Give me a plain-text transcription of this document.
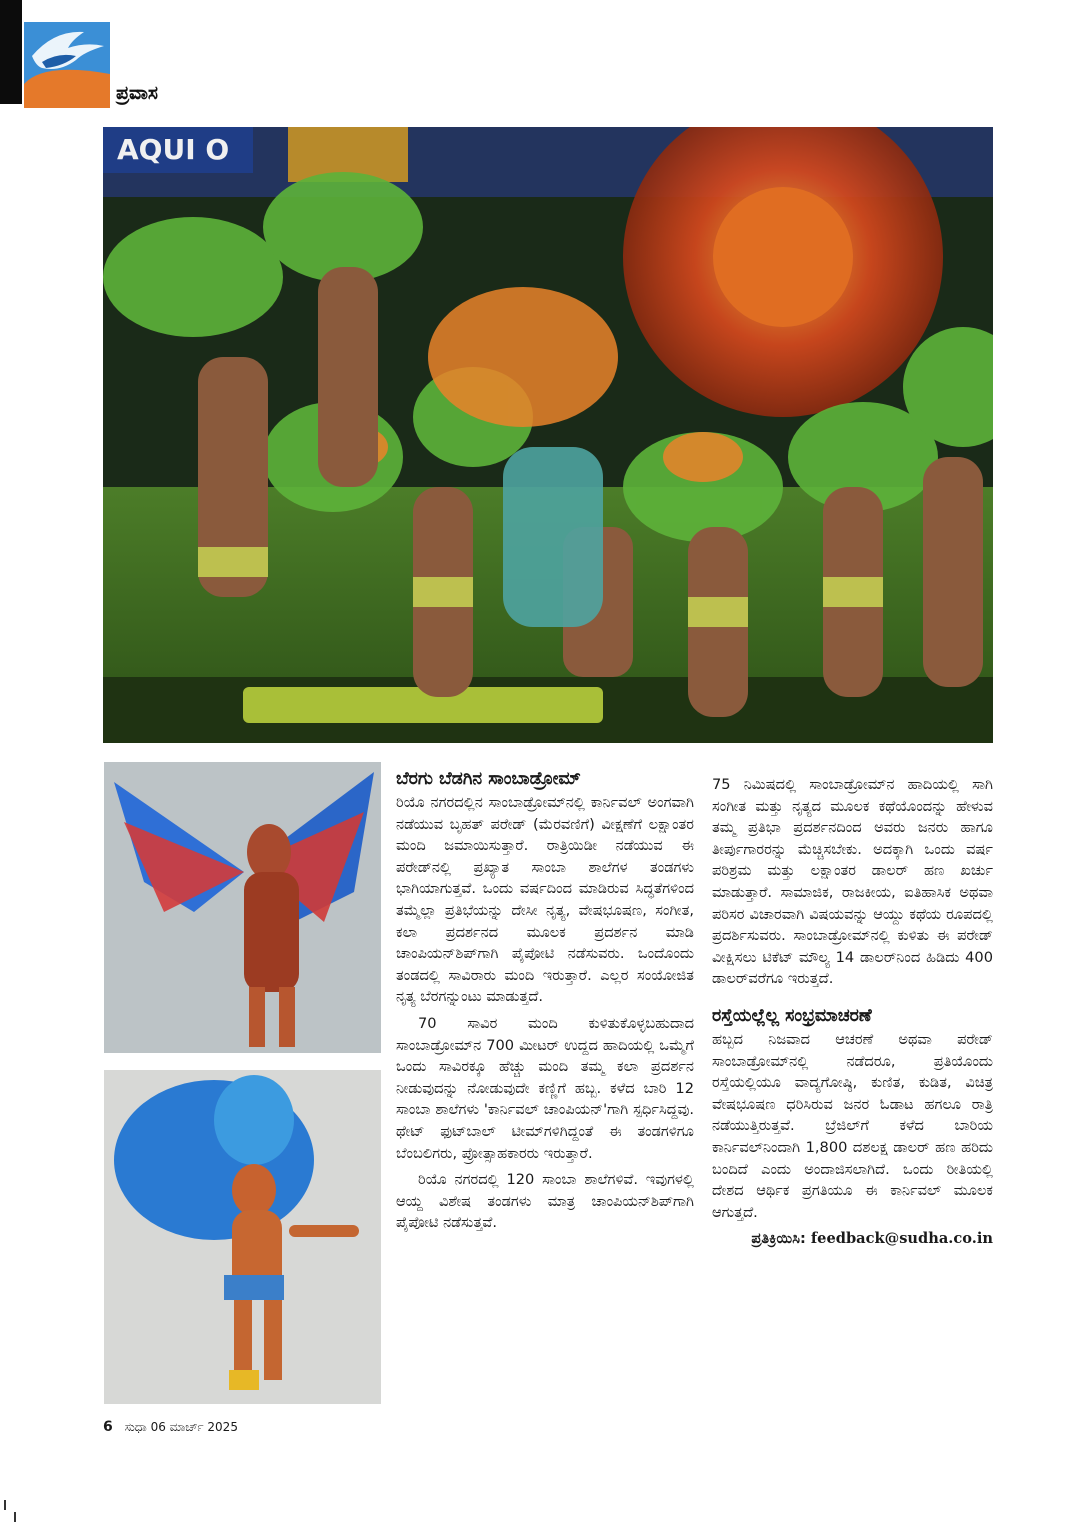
ಪ್ರವಾಸ
AQUI O
ಬೆರಗು ಬೆಡಗಿನ ಸಾಂಬಾಡ್ರೋಮ್

ರಿಯೊ ನಗರದಲ್ಲಿನ ಸಾಂಬಾಡ್ರೋಮ್‌ನಲ್ಲಿ ಕಾರ್ನಿವಲ್ ಅಂಗವಾಗಿ ನಡೆಯುವ ಬೃಹತ್ ಪರೇಡ್ (ಮೆರವಣಿಗೆ) ವೀಕ್ಷಣೆಗೆ ಲಕ್ಷಾಂತರ ಮಂದಿ ಜಮಾಯಿಸುತ್ತಾರೆ. ರಾತ್ರಿಯಿಡೀ ನಡೆಯುವ ಈ ಪರೇಡ್‌ನಲ್ಲಿ ಪ್ರಖ್ಯಾತ ಸಾಂಬಾ ಶಾಲೆಗಳ ತಂಡಗಳು ಭಾಗಿಯಾಗುತ್ತವೆ. ಒಂದು ವರ್ಷದಿಂದ ಮಾಡಿರುವ ಸಿದ್ಧತೆಗಳಿಂದ ತಮ್ಮೆಲ್ಲಾ ಪ್ರತಿಭೆಯನ್ನು ದೇಸೀ ನೃತ್ಯ, ವೇಷಭೂಷಣ, ಸಂಗೀತ, ಕಲಾ ಪ್ರದರ್ಶನದ ಮೂಲಕ ಪ್ರದರ್ಶನ ಮಾಡಿ ಚಾಂಪಿಯನ್‌ಶಿಪ್‌ಗಾಗಿ ಪೈಪೋಟಿ ನಡೆಸುವರು. ಒಂದೊಂದು ತಂಡದಲ್ಲಿ ಸಾವಿರಾರು ಮಂದಿ ಇರುತ್ತಾರೆ. ಎಲ್ಲರ ಸಂಯೋಜಿತ ನೃತ್ಯ ಬೆರಗನ್ನುಂಟು ಮಾಡುತ್ತದೆ.

70 ಸಾವಿರ ಮಂದಿ ಕುಳಿತುಕೊಳ್ಳಬಹುದಾದ ಸಾಂಬಾಡ್ರೋಮ್‌ನ 700 ಮೀಟರ್ ಉದ್ದದ ಹಾದಿಯಲ್ಲಿ ಒಮ್ಮೆಗೆ ಒಂದು ಸಾವಿರಕ್ಕೂ ಹೆಚ್ಚು ಮಂದಿ ತಮ್ಮ ಕಲಾ ಪ್ರದರ್ಶನ ನೀಡುವುದನ್ನು ನೋಡುವುದೇ ಕಣ್ಣಿಗೆ ಹಬ್ಬ. ಕಳೆದ ಬಾರಿ 12 ಸಾಂಬಾ ಶಾಲೆಗಳು 'ಕಾರ್ನಿವಲ್ ಚಾಂಪಿಯನ್'ಗಾಗಿ ಸ್ಪರ್ಧಿಸಿದ್ದವು. ಥೇಟ್ ಫುಟ್‌ಬಾಲ್ ಟೀಮ್‌ಗಳಿಗಿದ್ದಂತೆ ಈ ತಂಡಗಳಿಗೂ ಬೆಂಬಲಿಗರು, ಪ್ರೋತ್ಸಾಹಕಾರರು ಇರುತ್ತಾರೆ.

ರಿಯೊ ನಗರದಲ್ಲಿ 120 ಸಾಂಬಾ ಶಾಲೆಗಳಿವೆ. ಇವುಗಳಲ್ಲಿ ಆಯ್ದ ವಿಶೇಷ ತಂಡಗಳು ಮಾತ್ರ ಚಾಂಪಿಯನ್‌ಶಿಪ್‌ಗಾಗಿ ಪೈಪೋಟಿ ನಡೆಸುತ್ತವೆ.

75 ನಿಮಿಷದಲ್ಲಿ ಸಾಂಬಾಡ್ರೋಮ್‌ನ ಹಾದಿಯಲ್ಲಿ ಸಾಗಿ ಸಂಗೀತ ಮತ್ತು ನೃತ್ಯದ ಮೂಲಕ ಕಥೆಯೊಂದನ್ನು ಹೇಳುವ ತಮ್ಮ ಪ್ರತಿಭಾ ಪ್ರದರ್ಶನದಿಂದ ಅವರು ಜನರು ಹಾಗೂ ತೀರ್ಪುಗಾರರನ್ನು ಮೆಚ್ಚಿಸಬೇಕು. ಅದಕ್ಕಾಗಿ ಒಂದು ವರ್ಷ ಪರಿಶ್ರಮ ಮತ್ತು ಲಕ್ಷಾಂತರ ಡಾಲರ್ ಹಣ ಖರ್ಚು ಮಾಡುತ್ತಾರೆ. ಸಾಮಾಜಿಕ, ರಾಜಕೀಯ, ಐತಿಹಾಸಿಕ ಅಥವಾ ಪರಿಸರ ವಿಚಾರವಾಗಿ ವಿಷಯವನ್ನು ಆಯ್ದು ಕಥೆಯ ರೂಪದಲ್ಲಿ ಪ್ರದರ್ಶಿಸುವರು. ಸಾಂಬಾಡ್ರೋಮ್‌ನಲ್ಲಿ ಕುಳಿತು ಈ ಪರೇಡ್ ವೀಕ್ಷಿಸಲು ಟಿಕೆಟ್ ಮೌಲ್ಯ 14 ಡಾಲರ್‌ನಿಂದ ಹಿಡಿದು 400 ಡಾಲರ್‌ವರೆಗೂ ಇರುತ್ತದೆ.

ರಸ್ತೆಯಲ್ಲೆಲ್ಲ ಸಂಭ್ರಮಾಚರಣೆ

ಹಬ್ಬದ ನಿಜವಾದ ಆಚರಣೆ ಅಥವಾ ಪರೇಡ್ ಸಾಂಬಾಡ್ರೋಮ್‌ನಲ್ಲಿ ನಡೆದರೂ, ಪ್ರತಿಯೊಂದು ರಸ್ತೆಯಲ್ಲಿಯೂ ವಾದ್ಯಗೋಷ್ಠಿ, ಕುಣಿತ, ಕುಡಿತ, ವಿಚಿತ್ರ ವೇಷಭೂಷಣ ಧರಿಸಿರುವ ಜನರ ಓಡಾಟ ಹಗಲೂ ರಾತ್ರಿ ನಡೆಯುತ್ತಿರುತ್ತವೆ. ಬ್ರೆಜಿಲ್‌ಗೆ ಕಳೆದ ಬಾರಿಯ ಕಾರ್ನಿವಲ್‌ನಿಂದಾಗಿ 1,800 ದಶಲಕ್ಷ ಡಾಲರ್ ಹಣ ಹರಿದು ಬಂದಿದೆ ಎಂದು ಅಂದಾಜಿಸಲಾಗಿದೆ. ಒಂದು ರೀತಿಯಲ್ಲಿ ದೇಶದ ಆರ್ಥಿಕ ಪ್ರಗತಿಯೂ ಈ ಕಾರ್ನಿವಲ್ ಮೂಲಕ ಆಗುತ್ತದೆ.

ಪ್ರತಿಕ್ರಿಯಿಸಿ: feedback@sudha.co.in
6 ಸುಧಾ 06 ಮಾರ್ಚ್ 2025
